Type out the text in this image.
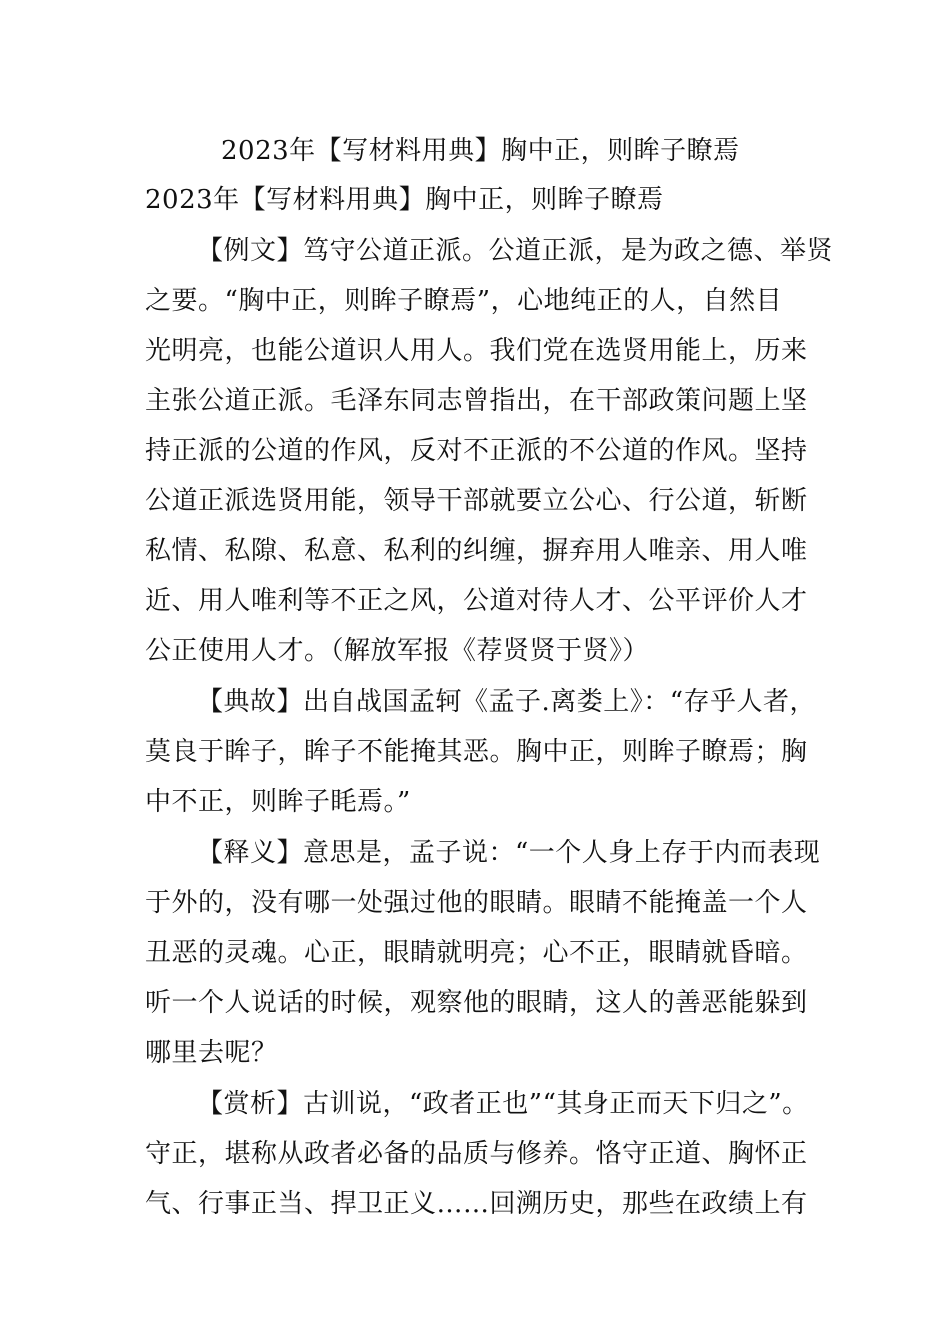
2023年【写材料用典】胸中正，则眸子瞭焉
2023年【写材料用典】胸中正，则眸子瞭焉
【例文】笃守公道正派。公道正派，是为政之德、举贤
之要。“胸中正，则眸子瞭焉”，心地纯正的人，自然目
光明亮，也能公道识人用人。我们党在选贤用能上，历来
主张公道正派。毛泽东同志曾指出，在干部政策问题上坚
持正派的公道的作风，反对不正派的不公道的作风。坚持
公道正派选贤用能，领导干部就要立公心、行公道，斩断
私情、私隙、私意、私利的纠缠，摒弃用人唯亲、用人唯
近、用人唯利等不正之风，公道对待人才、公平评价人才
公正使用人才。（解放军报《荐贤贤于贤》）
【典故】出自战国孟轲《孟子.离娄上》：“存乎人者，
莫良于眸子，眸子不能掩其恶。胸中正，则眸子瞭焉；胸
中不正，则眸子眊焉。”
【释义】意思是，孟子说：“一个人身上存于内而表现
于外的，没有哪一处强过他的眼睛。眼睛不能掩盖一个人
丑恶的灵魂。心正，眼睛就明亮；心不正，眼睛就昏暗。
听一个人说话的时候，观察他的眼睛，这人的善恶能躲到
哪里去呢？
【赏析】古训说，“政者正也”“其身正而天下归之”。
守正，堪称从政者必备的品质与修养。恪守正道、胸怀正
气、行事正当、捍卫正义……回溯历史，那些在政绩上有
